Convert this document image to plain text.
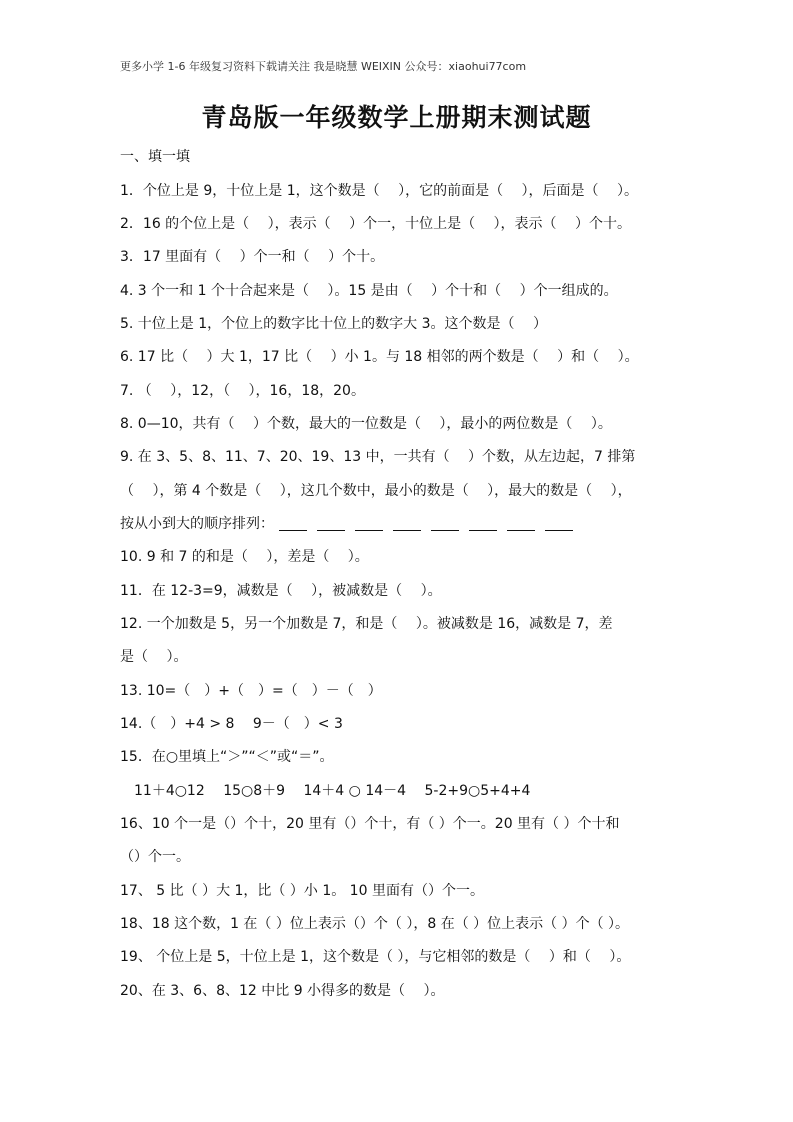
更多小学 1-6 年级复习资料下载请关注 我是晓慧 WEIXIN 公众号：xiaohui77com
青岛版一年级数学上册期末测试题
一、填一填
1．个位上是 9，十位上是 1，这个数是（　 ），它的前面是（　 ），后面是（　 ）。
2．16 的个位上是（　 ），表示（　 ）个一，十位上是（　 ），表示（　 ）个十。
3．17 里面有（　 ）个一和（　 ）个十。
4. 3 个一和 1 个十合起来是（　 ）。15 是由（　 ）个十和（　 ）个一组成的。
5. 十位上是 1，个位上的数字比十位上的数字大 3。这个数是（　 ）
6. 17 比（　 ）大 1，17 比（　 ）小 1。与 18 相邻的两个数是（　 ）和（　 ）。
7. （　 ），12，（　 ），16，18，20。
8. 0—10，共有（　 ）个数，最大的一位数是（　 ），最小的两位数是（　 ）。
9. 在 3、5、8、11、7、20、19、13 中，一共有（　 ）个数，从左边起，7 排第
（　 ），第 4 个数是（　 ），这几个数中，最小的数是（　 ），最大的数是（　 ），
按从小到大的顺序排列：
10. 9 和 7 的和是（　 ），差是（　 ）。
11．在 12-3=9，减数是（　 ），被减数是（　 ）。
12. 一个加数是 5，另一个加数是 7，和是（　 ）。被减数是 16，减数是 7，差
是（　 ）。
13. 10=（　）+（　）=（　）－（　）
14.（　）+4 > 8　 9－（　）< 3
15．在○里填上“＞”“＜”或“＝”。
11＋4○12　 15○8＋9　 14＋4 ○ 14－4　 5-2+9○5+4+4
16、10 个一是（）个十，20 里有（）个十，有（ ）个一。20 里有（ ）个十和
（）个一。
17、 5 比（ ）大 1，比（ ）小 1。 10 里面有（）个一。
18、18 这个数，1 在（ ）位上表示（）个（ ），8 在（ ）位上表示（ ）个（ ）。
19、 个位上是 5，十位上是 1，这个数是（ ），与它相邻的数是（　 ）和（　 ）。
20、在 3、6、8、12 中比 9 小得多的数是（　 ）。
